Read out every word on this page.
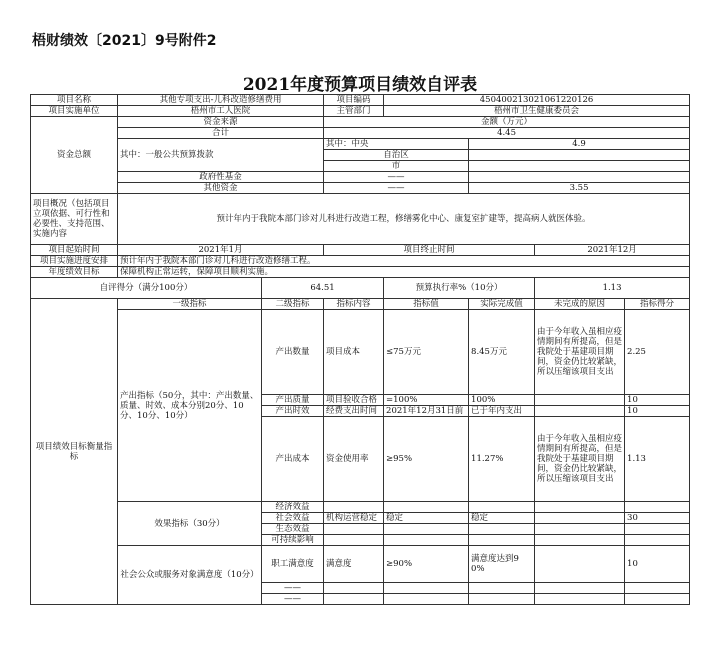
梧财绩效〔2021〕9号附件2
2021年度预算项目绩效自评表
项目名称	其他专项支出-儿科改造修缮费用		项目编码	450400213021061220126			
项目实施单位	梧州市工人医院		主管部门	梧州市卫生健康委员会			
资金总额	资金来源		金额（万元）				
	合计		4.45				
	其中：一般公共预算拨款		其中：中央		4.9		
			自治区				
			市				
	政府性基金		——				
	其他资金		——		3.55		
项目概况（包括项目立项依据、可行性和必要性、支持范围、实施内容	预计年内于我院本部门诊对儿科进行改造工程，修缮雾化中心、康复室扩建等，提高病人就医体验。						
项目起始时间	2021年1月		项目终止时间			2021年12月	
项目实施进度安排	预计年内于我院本部门诊对儿科进行改造修缮工程。						
年度绩效目标	保障机构正常运转，保障项目顺利实施。						
自评得分（满分100分）		64.51		预算执行率%（10分）		1.13	
项目绩效目标衡量指标	一级指标	二级指标	指标内容	指标值	实际完成值	未完成的原因	指标得分
	产出指标（50分，其中：产出数量、质量、时效、成本分别20分、10分、10分、10分）	产出数量	项目成本	≤75万元	8.45万元	由于今年收入虽相应疫情期间有所提高，但是我院处于基建项目期间，资金仍比较紧缺，所以压缩该项目支出	2.25
		产出质量	项目验收合格	=100%	100%		10
		产出时效	经费支出时间	2021年12月31日前	已于年内支出		10
		产出成本	资金使用率	≥95%	11.27%	由于今年收入虽相应疫情期间有所提高，但是我院处于基建项目期间，资金仍比较紧缺，所以压缩该项目支出	1.13
	效果指标（30分）	经济效益					
		社会效益	机构运营稳定	稳定	稳定		30
		生态效益					
		可持续影响					
	社会公众或服务对象满意度（10分）	职工满意度	满意度	≥90%	满意度达到90%		10
		——					
		——					
